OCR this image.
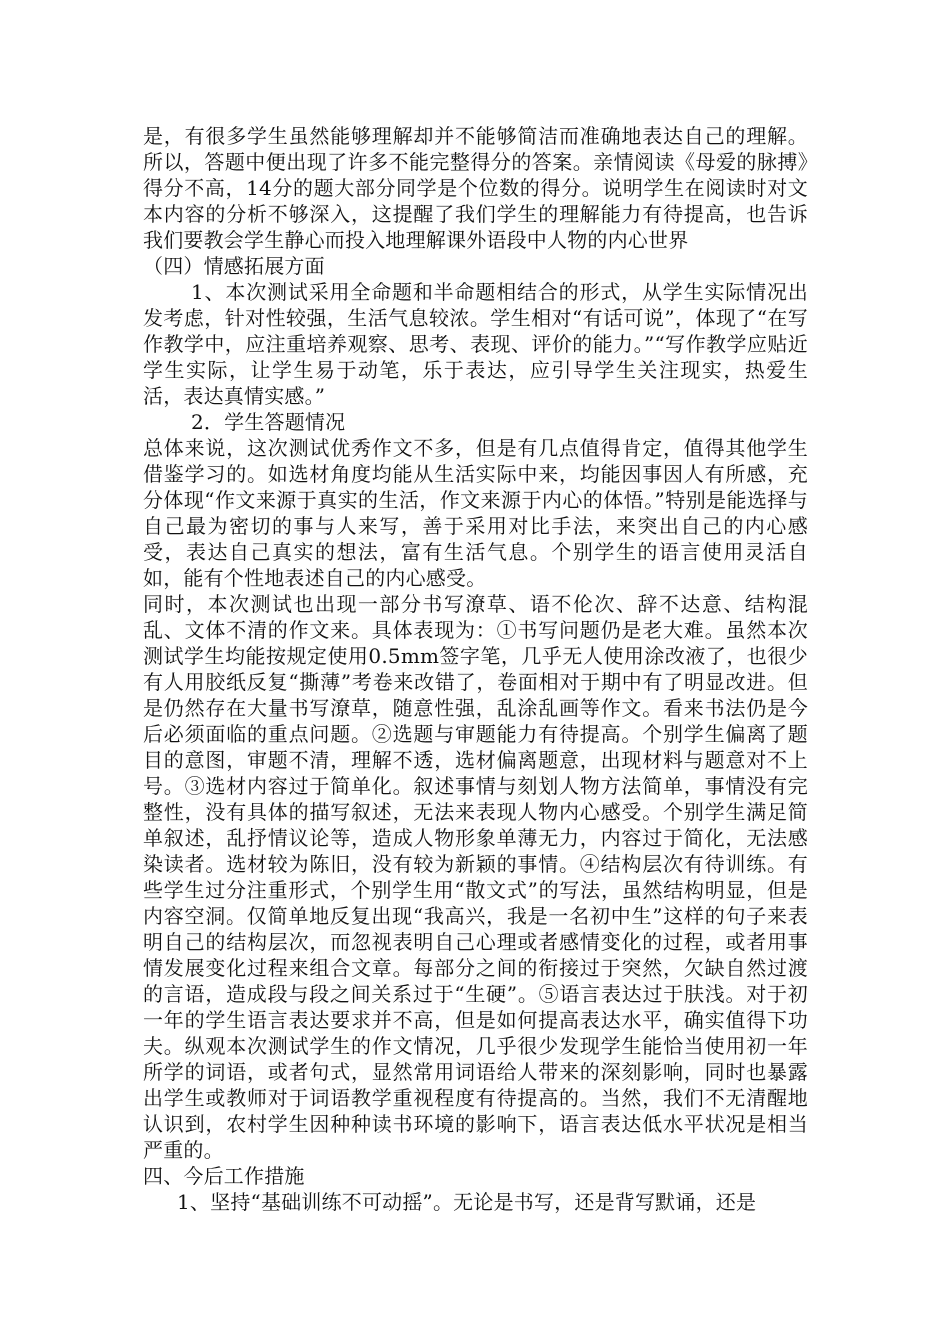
是，有很多学生虽然能够理解却并不能够简洁而准确地表达自己的理解。所以，答题中便出现了许多不能完整得分的答案。亲情阅读《母爱的脉搏》得分不高，14分的题大部分同学是个位数的得分。说明学生在阅读时对文本内容的分析不够深入，这提醒了我们学生的理解能力有待提高，也告诉我们要教会学生静心而投入地理解课外语段中人物的内心世界

（四）情感拓展方面

1、本次测试采用全命题和半命题相结合的形式，从学生实际情况出发考虑，针对性较强，生活气息较浓。学生相对“有话可说”，体现了“在写作教学中，应注重培养观察、思考、表现、评价的能力。”“写作教学应贴近学生实际，让学生易于动笔，乐于表达，应引导学生关注现实，热爱生活，表达真情实感。”

2．学生答题情况

总体来说，这次测试优秀作文不多，但是有几点值得肯定，值得其他学生借鉴学习的。如选材角度均能从生活实际中来，均能因事因人有所感，充分体现“作文来源于真实的生活，作文来源于内心的体悟。”特别是能选择与自己最为密切的事与人来写，善于采用对比手法，来突出自己的内心感受，表达自己真实的想法，富有生活气息。个别学生的语言使用灵活自如，能有个性地表述自己的内心感受。

同时，本次测试也出现一部分书写潦草、语不伦次、辞不达意、结构混乱、文体不清的作文来。具体表现为：①书写问题仍是老大难。虽然本次测试学生均能按规定使用0.5mm签字笔，几乎无人使用涂改液了，也很少有人用胶纸反复“撕薄”考卷来改错了，卷面相对于期中有了明显改进。但是仍然存在大量书写潦草，随意性强，乱涂乱画等作文。看来书法仍是今后必须面临的重点问题。②选题与审题能力有待提高。个别学生偏离了题目的意图，审题不清，理解不透，选材偏离题意，出现材料与题意对不上号。③选材内容过于简单化。叙述事情与刻划人物方法简单，事情没有完整性，没有具体的描写叙述，无法来表现人物内心感受。个别学生满足简单叙述，乱抒情议论等，造成人物形象单薄无力，内容过于简化，无法感染读者。选材较为陈旧，没有较为新颖的事情。④结构层次有待训练。有些学生过分注重形式，个别学生用“散文式”的写法，虽然结构明显，但是内容空洞。仅简单地反复出现“我高兴，我是一名初中生”这样的句子来表明自己的结构层次，而忽视表明自己心理或者感情变化的过程，或者用事情发展变化过程来组合文章。每部分之间的衔接过于突然，欠缺自然过渡的言语，造成段与段之间关系过于“生硬”。⑤语言表达过于肤浅。对于初一年的学生语言表达要求并不高，但是如何提高表达水平，确实值得下功夫。纵观本次测试学生的作文情况，几乎很少发现学生能恰当使用初一年所学的词语，或者句式，显然常用词语给人带来的深刻影响，同时也暴露出学生或教师对于词语教学重视程度有待提高的。当然，我们不无清醒地认识到，农村学生因种种读书环境的影响下，语言表达低水平状况是相当严重的。

四、今后工作措施

1、坚持“基础训练不可动摇”。无论是书写，还是背写默诵，还是
